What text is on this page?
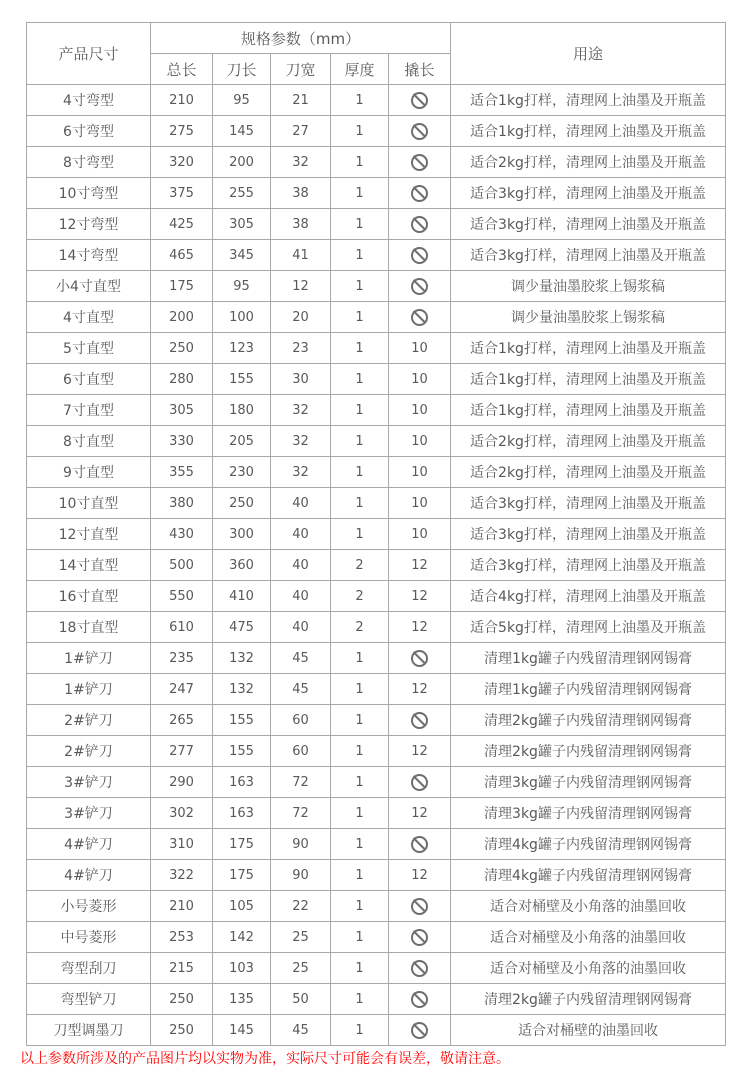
产品尺寸	规格参数（mm）					用途
	总长	刀长	刀宽	厚度	撬长	
4寸弯型	210	95	21	1		适合1kg打样，清理网上油墨及开瓶盖
6寸弯型	275	145	27	1		适合1kg打样，清理网上油墨及开瓶盖
8寸弯型	320	200	32	1		适合2kg打样，清理网上油墨及开瓶盖
10寸弯型	375	255	38	1		适合3kg打样，清理网上油墨及开瓶盖
12寸弯型	425	305	38	1		适合3kg打样，清理网上油墨及开瓶盖
14寸弯型	465	345	41	1		适合3kg打样，清理网上油墨及开瓶盖
小4寸直型	175	95	12	1		调少量油墨胶浆上锡浆稿
4寸直型	200	100	20	1		调少量油墨胶浆上锡浆稿
5寸直型	250	123	23	1	10	适合1kg打样，清理网上油墨及开瓶盖
6寸直型	280	155	30	1	10	适合1kg打样，清理网上油墨及开瓶盖
7寸直型	305	180	32	1	10	适合1kg打样，清理网上油墨及开瓶盖
8寸直型	330	205	32	1	10	适合2kg打样，清理网上油墨及开瓶盖
9寸直型	355	230	32	1	10	适合2kg打样，清理网上油墨及开瓶盖
10寸直型	380	250	40	1	10	适合3kg打样，清理网上油墨及开瓶盖
12寸直型	430	300	40	1	10	适合3kg打样，清理网上油墨及开瓶盖
14寸直型	500	360	40	2	12	适合3kg打样，清理网上油墨及开瓶盖
16寸直型	550	410	40	2	12	适合4kg打样，清理网上油墨及开瓶盖
18寸直型	610	475	40	2	12	适合5kg打样，清理网上油墨及开瓶盖
1#铲刀	235	132	45	1		清理1kg罐子内残留清理钢网锡膏
1#铲刀	247	132	45	1	12	清理1kg罐子内残留清理钢网锡膏
2#铲刀	265	155	60	1		清理2kg罐子内残留清理钢网锡膏
2#铲刀	277	155	60	1	12	清理2kg罐子内残留清理钢网锡膏
3#铲刀	290	163	72	1		清理3kg罐子内残留清理钢网锡膏
3#铲刀	302	163	72	1	12	清理3kg罐子内残留清理钢网锡膏
4#铲刀	310	175	90	1		清理4kg罐子内残留清理钢网锡膏
4#铲刀	322	175	90	1	12	清理4kg罐子内残留清理钢网锡膏
小号菱形	210	105	22	1		适合对桶壁及小角落的油墨回收
中号菱形	253	142	25	1		适合对桶壁及小角落的油墨回收
弯型刮刀	215	103	25	1		适合对桶壁及小角落的油墨回收
弯型铲刀	250	135	50	1		清理2kg罐子内残留清理钢网锡膏
刀型调墨刀	250	145	45	1		适合对桶壁的油墨回收
以上参数所涉及的产品图片均以实物为准，实际尺寸可能会有误差，敬请注意。
